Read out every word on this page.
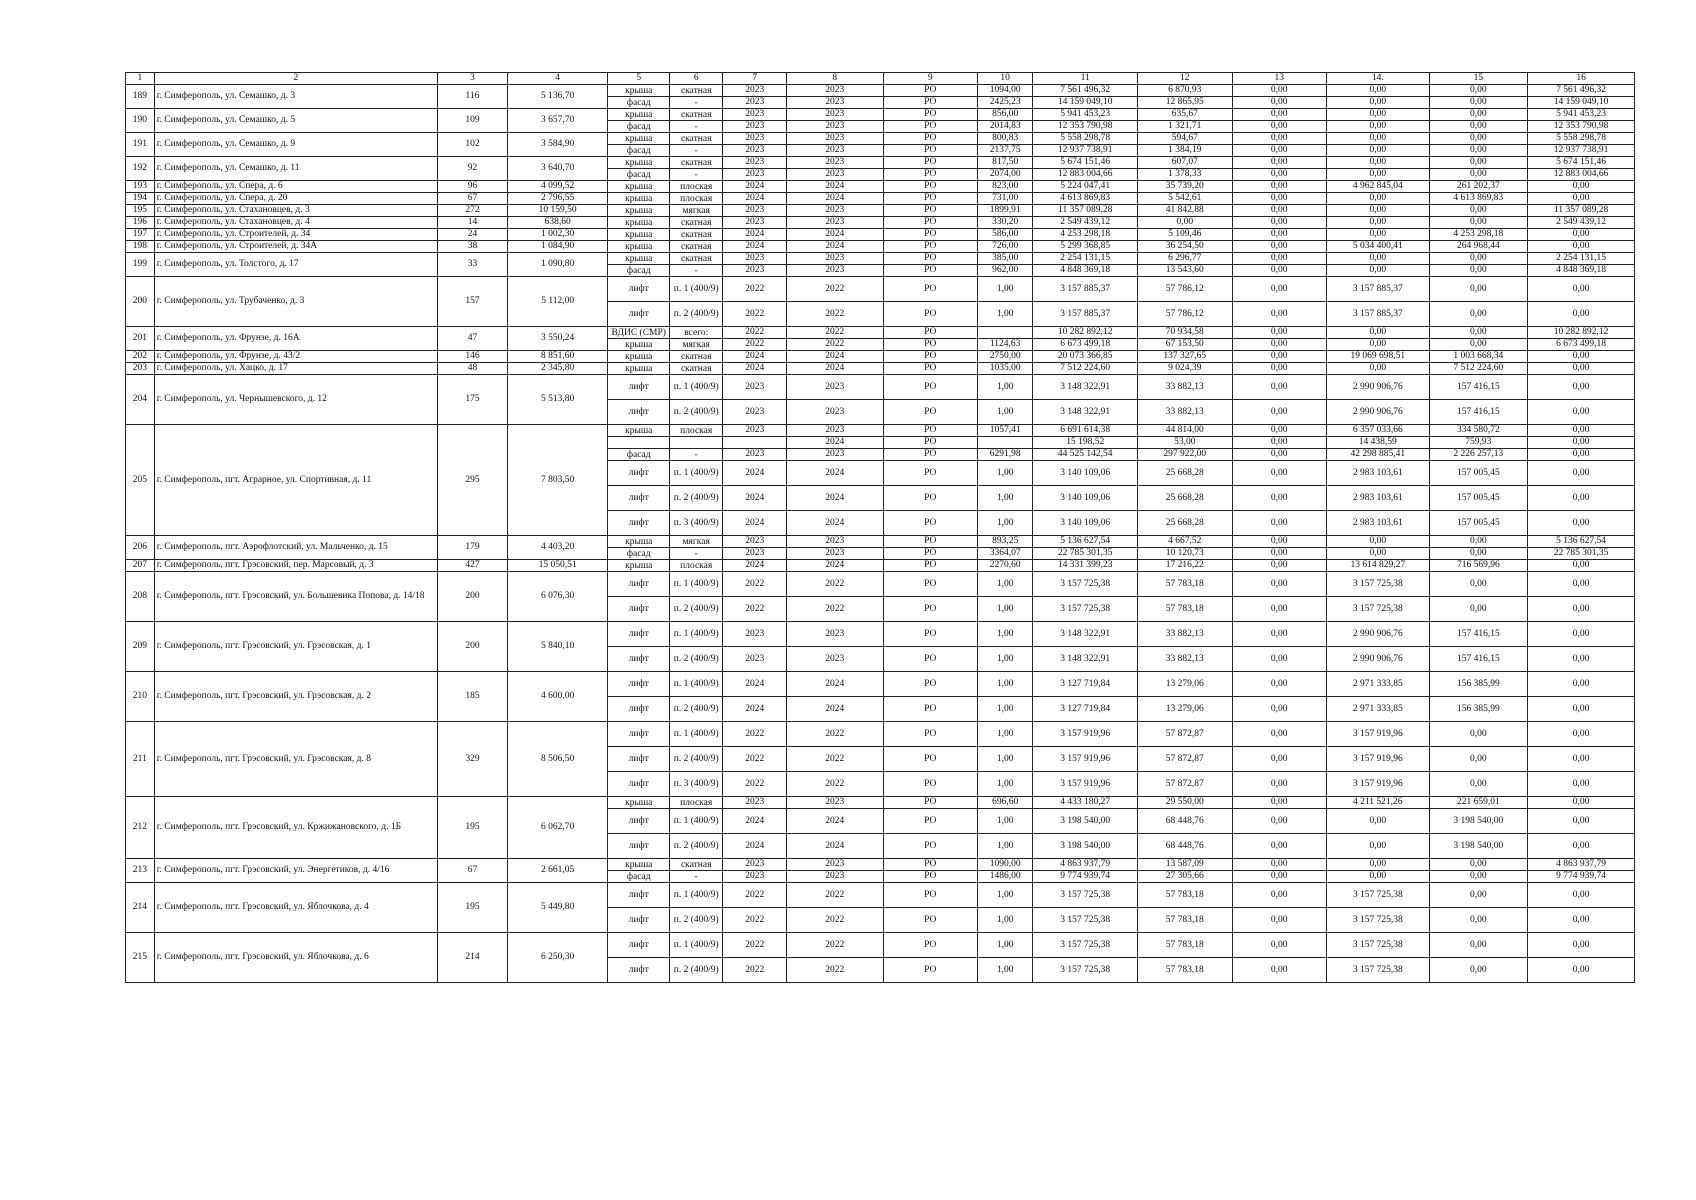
1	2	3	4	5	6	7	8	9	10	11	12	13	14.	15	16
189	г. Симферополь, ул. Семашко, д. 3	116	5 136,70	крыша	скатная	2023	2023	РО	1094,00	7 561 496,32	6 870,93	0,00	0,00	0,00	7 561 496,32
				фасад	-	2023	2023	РО	2425,23	14 159 049,10	12 865,95	0,00	0,00	0,00	14 159 049,10
190	г. Симферополь, ул. Семашко, д. 5	109	3 657,70	крыша	скатная	2023	2023	РО	856,00	5 941 453,23	635,67	0,00	0,00	0,00	5 941 453,23
				фасад	-	2023	2023	РО	2014,83	12 353 790,98	1 321,71	0,00	0,00	0,00	12 353 790,98
191	г. Симферополь, ул. Семашко, д. 9	102	3 584,90	крыша	скатная	2023	2023	РО	800,83	5 558 298,78	594,67	0,00	0,00	0,00	5 558 298,78
				фасад	-	2023	2023	РО	2137,75	12 937 738,91	1 384,19	0,00	0,00	0,00	12 937 738,91
192	г. Симферополь, ул. Семашко, д. 11	92	3 640,70	крыша	скатная	2023	2023	РО	817,50	5 674 151,46	607,07	0,00	0,00	0,00	5 674 151,46
				фасад	-	2023	2023	РО	2074,00	12 883 004,66	1 378,33	0,00	0,00	0,00	12 883 004,66
193	г. Симферополь, ул. Спера, д. 6	96	4 099,52	крыша	плоская	2024	2024	РО	823,00	5 224 047,41	35 739,20	0,00	4 962 845,04	261 202,37	0,00
194	г. Симферополь, ул. Спера, д. 20	67	2 796,55	крыша	плоская	2024	2024	РО	731,00	4 613 869,83	5 542,61	0,00	0,00	4 613 869,83	0,00
195	г. Симферополь, ул. Стахановцев, д. 3	272	10 159,50	крыша	мягкая	2023	2023	РО	1899,91	11 357 089,28	41 842,88	0,00	0,00	0,00	11 357 089,28
196	г. Симферополь, ул. Стахановцев, д. 4	14	638,60	крыша	скатная	2023	2023	РО	330,20	2 549 439,12	0,00	0,00	0,00	0,00	2 549 439,12
197	г. Симферополь, ул. Строителей, д. 34	24	1 002,30	крыша	скатная	2024	2024	РО	586,00	4 253 298,18	5 109,46	0,00	0,00	4 253 298,18	0,00
198	г. Симферополь, ул. Строителей, д. 34А	38	1 084,90	крыша	скатная	2024	2024	РО	726,00	5 299 368,85	36 254,50	0,00	5 034 400,41	264 968,44	0,00
199	г. Симферополь, ул. Толстого, д. 17	33	1 090,80	крыша	скатная	2023	2023	РО	385,00	2 254 131,15	6 296,77	0,00	0,00	0,00	2 254 131,15
				фасад	-	2023	2023	РО	962,00	4 848 369,18	13 543,60	0,00	0,00	0,00	4 848 369,18
200	г. Симферополь, ул. Трубаченко, д. 3	157	5 112,00	лифт	п. 1 (400/9)	2022	2022	РО	1,00	3 157 885,37	57 786,12	0,00	3 157 885,37	0,00	0,00
				лифт	п. 2 (400/9)	2022	2022	РО	1,00	3 157 885,37	57 786,12	0,00	3 157 885,37	0,00	0,00
201	г. Симферополь, ул. Фрунзе, д. 16А	47	3 550,24	ВДИС (СМР)	всего:	2022	2022	РО		10 282 892,12	70 934,58	0,00	0,00	0,00	10 282 892,12
				крыша	мягкая	2022	2022	РО	1124,63	6 673 499,18	67 153,50	0,00	0,00	0,00	6 673 499,18
202	г. Симферополь, ул. Фрунзе, д. 43/2	146	8 851,60	крыша	скатная	2024	2024	РО	2750,00	20 073 366,85	137 327,65	0,00	19 069 698,51	1 003 668,34	0,00
203	г. Симферополь, ул. Хацко, д. 17	48	2 345,80	крыша	скатная	2024	2024	РО	1035,00	7 512 224,60	9 024,39	0,00	0,00	7 512 224,60	0,00
204	г. Симферополь, ул. Чернышевского, д. 12	175	5 513,80	лифт	п. 1 (400/9)	2023	2023	РО	1,00	3 148 322,91	33 882,13	0,00	2 990 906,76	157 416,15	0,00
				лифт	п. 2 (400/9)	2023	2023	РО	1,00	3 148 322,91	33 882,13	0,00	2 990 906,76	157 416,15	0,00
205	г. Симферополь, пгт. Аграрное, ул. Спортивная, д. 11	295	7 803,50	крыша	плоская	2023	2023	РО	1057,41	6 691 614,38	44 814,00	0,00	6 357 033,66	334 580,72	0,00
							2024	РО		15 198,52	53,00	0,00	14 438,59	759,93	0,00
				фасад	-	2023	2023	РО	6291,98	44 525 142,54	297 922,00	0,00	42 298 885,41	2 226 257,13	0,00
				лифт	п. 1 (400/9)	2024	2024	РО	1,00	3 140 109,06	25 668,28	0,00	2 983 103,61	157 005,45	0,00
				лифт	п. 2 (400/9)	2024	2024	РО	1,00	3 140 109,06	25 668,28	0,00	2 983 103,61	157 005,45	0,00
				лифт	п. 3 (400/9)	2024	2024	РО	1,00	3 140 109,06	25 668,28	0,00	2 983 103,61	157 005,45	0,00
206	г. Симферополь, пгт. Аэрофлотский, ул. Мальченко, д. 15	179	4 403,20	крыша	мягкая	2023	2023	РО	893,25	5 136 627,54	4 667,52	0,00	0,00	0,00	5 136 627,54
				фасад	-	2023	2023	РО	3364,07	22 785 301,35	10 120,73	0,00	0,00	0,00	22 785 301,35
207	г. Симферополь, пгт. Грэсовский, пер. Марсовый, д. 3	427	15 050,51	крыша	плоская	2024	2024	РО	2270,60	14 331 399,23	17 216,22	0,00	13 614 829,27	716 569,96	0,00
208	г. Симферополь, пгт. Грэсовский, ул. Большевика Попова, д. 14/18	200	6 076,30	лифт	п. 1 (400/9)	2022	2022	РО	1,00	3 157 725,38	57 783,18	0,00	3 157 725,38	0,00	0,00
				лифт	п. 2 (400/9)	2022	2022	РО	1,00	3 157 725,38	57 783,18	0,00	3 157 725,38	0,00	0,00
209	г. Симферополь, пгт. Грэсовский, ул. Грэсовская, д. 1	200	5 840,10	лифт	п. 1 (400/9)	2023	2023	РО	1,00	3 148 322,91	33 882,13	0,00	2 990 906,76	157 416,15	0,00
				лифт	п. 2 (400/9)	2023	2023	РО	1,00	3 148 322,91	33 882,13	0,00	2 990 906,76	157 416,15	0,00
210	г. Симферополь, пгт. Грэсовский, ул. Грэсовская, д. 2	185	4 600,00	лифт	п. 1 (400/9)	2024	2024	РО	1,00	3 127 719,84	13 279,06	0,00	2 971 333,85	156 385,99	0,00
				лифт	п. 2 (400/9)	2024	2024	РО	1,00	3 127 719,84	13 279,06	0,00	2 971 333,85	156 385,99	0,00
211	г. Симферополь, пгт. Грэсовский, ул. Грэсовская, д. 8	329	8 506,50	лифт	п. 1 (400/9)	2022	2022	РО	1,00	3 157 919,96	57 872,87	0,00	3 157 919,96	0,00	0,00
				лифт	п. 2 (400/9)	2022	2022	РО	1,00	3 157 919,96	57 872,87	0,00	3 157 919,96	0,00	0,00
				лифт	п. 3 (400/9)	2022	2022	РО	1,00	3 157 919,96	57 872,87	0,00	3 157 919,96	0,00	0,00
212	г. Симферополь, пгт. Грэсовский, ул. Кржижановского, д. 1Б	195	6 062,70	крыша	плоская	2023	2023	РО	696,60	4 433 180,27	29 550,00	0,00	4 211 521,26	221 659,01	0,00
				лифт	п. 1 (400/9)	2024	2024	РО	1,00	3 198 540,00	68 448,76	0,00	0,00	3 198 540,00	0,00
				лифт	п. 2 (400/9)	2024	2024	РО	1,00	3 198 540,00	68 448,76	0,00	0,00	3 198 540,00	0,00
213	г. Симферополь, пгт. Грэсовский, ул. Энергетиков, д. 4/16	67	2 661,05	крыша	скатная	2023	2023	РО	1090,00	4 863 937,79	13 587,09	0,00	0,00	0,00	4 863 937,79
				фасад	-	2023	2023	РО	1486,00	9 774 939,74	27 305,66	0,00	0,00	0,00	9 774 939,74
214	г. Симферополь, пгт. Грэсовский, ул. Яблочкова, д. 4	195	5 449,80	лифт	п. 1 (400/9)	2022	2022	РО	1,00	3 157 725,38	57 783,18	0,00	3 157 725,38	0,00	0,00
				лифт	п. 2 (400/9)	2022	2022	РО	1,00	3 157 725,38	57 783,18	0,00	3 157 725,38	0,00	0,00
215	г. Симферополь, пгт. Грэсовский, ул. Яблочкова, д. 6	214	6 250,30	лифт	п. 1 (400/9)	2022	2022	РО	1,00	3 157 725,38	57 783,18	0,00	3 157 725,38	0,00	0,00
				лифт	п. 2 (400/9)	2022	2022	РО	1,00	3 157 725,38	57 783,18	0,00	3 157 725,38	0,00	0,00
